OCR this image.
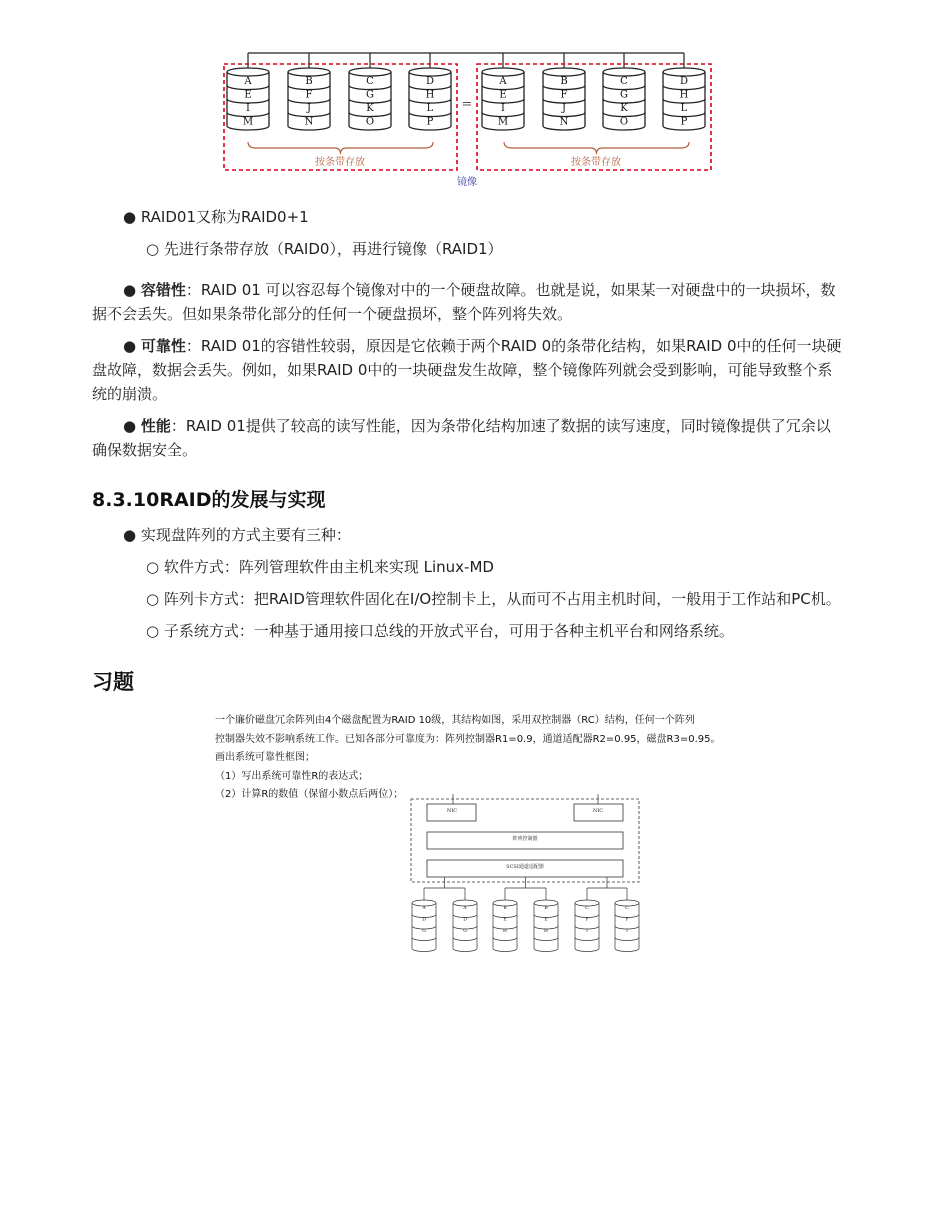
A
E
I
M
B
F
J
N
C
G
K
O
D
H
L
P
A
E
I
M
B
F
J
N
C
G
K
O
D
H
L
P
=
按条带存放	按条带存放
镜像
● RAID01又称为RAID0+1
○ 先进行条带存放（RAID0），再进行镜像（RAID1）
● 容错性：RAID 01 可以容忍每个镜像对中的一个硬盘故障。也就是说，如果某一对硬盘中的一块损坏，数据不会丢失。但如果条带化部分的任何一个硬盘损坏，整个阵列将失效。
● 可靠性：RAID 01的容错性较弱，原因是它依赖于两个RAID 0的条带化结构，如果RAID 0中的任何一块硬盘故障，数据会丢失。例如，如果RAID 0中的一块硬盘发生故障，整个镜像阵列就会受到影响，可能导致整个系统的崩溃。
● 性能：RAID 01提供了较高的读写性能，因为条带化结构加速了数据的读写速度，同时镜像提供了冗余以确保数据安全。
8.3.10RAID的发展与实现
● 实现盘阵列的方式主要有三种：
○ 软件方式：阵列管理软件由主机来实现 Linux-MD
○ 阵列卡方式：把RAID管理软件固化在I/O控制卡上，从而可不占用主机时间，一般用于工作站和PC机。
○ 子系统方式：一种基于通用接口总线的开放式平台，可用于各种主机平台和网络系统。
习题
一个廉价磁盘冗余阵列由4个磁盘配置为RAID 10级，其结构如图，采用双控制器（RC）结构，任何一个阵列
控制器失效不影响系统工作。已知各部分可靠度为：阵列控制器R1=0.9，通道适配器R2=0.95，磁盘R3=0.95。
画出系统可靠性框图；
（1）写出系统可靠性R的表达式；
（2）计算R的数值（保留小数点后两位）；
NIC	NIC
阵列控制器
SCSI通道适配器
A
D
G
A
D
G
B
E
H
B
E
H
C
F
I
C
F
I
